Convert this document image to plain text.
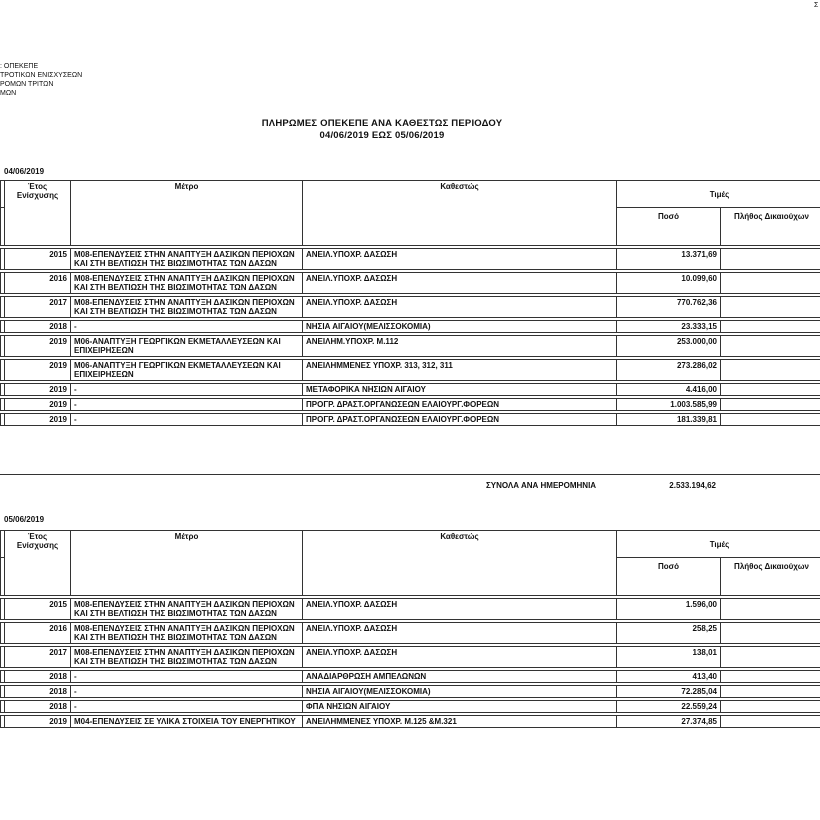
Σ
: ΟΠΕΚΕΠΕ
ΤΡΟΤΙΚΩΝ ΕΝΙΣΧΥΣΕΩΝ
ΡΟΜΩΝ ΤΡΙΤΩΝ
ΜΩΝ
ΠΛΗΡΩΜΕΣ ΟΠΕΚΕΠΕ ΑΝΑ ΚΑΘΕΣΤΩΣ ΠΕΡΙΟΔΟΥ
04/06/2019 ΕΩΣ 05/06/2019
04/06/2019
	Έτος Ενίσχυσης	Μέτρο	Καθεστώς	Τιμές	
				Ποσό	Πλήθος Δικαιούχων

	2015	Μ08-ΕΠΕΝΔΥΣΕΙΣ ΣΤΗΝ ΑΝΑΠΤΥΞΗ ΔΑΣΙΚΩΝ ΠΕΡΙΟΧΩΝ ΚΑΙ ΣΤΗ ΒΕΛΤΙΩΣΗ ΤΗΣ ΒΙΩΣΙΜΟΤΗΤΑΣ ΤΩΝ ΔΑΣΩΝ	ΑΝΕΙΛ.ΥΠΟΧΡ. ΔΑΣΩΣΗ	13.371,69	

	2016	Μ08-ΕΠΕΝΔΥΣΕΙΣ ΣΤΗΝ ΑΝΑΠΤΥΞΗ ΔΑΣΙΚΩΝ ΠΕΡΙΟΧΩΝ ΚΑΙ ΣΤΗ ΒΕΛΤΙΩΣΗ ΤΗΣ ΒΙΩΣΙΜΟΤΗΤΑΣ ΤΩΝ ΔΑΣΩΝ	ΑΝΕΙΛ.ΥΠΟΧΡ. ΔΑΣΩΣΗ	10.099,60	

	2017	Μ08-ΕΠΕΝΔΥΣΕΙΣ ΣΤΗΝ ΑΝΑΠΤΥΞΗ ΔΑΣΙΚΩΝ ΠΕΡΙΟΧΩΝ ΚΑΙ ΣΤΗ ΒΕΛΤΙΩΣΗ ΤΗΣ ΒΙΩΣΙΜΟΤΗΤΑΣ ΤΩΝ ΔΑΣΩΝ	ΑΝΕΙΛ.ΥΠΟΧΡ. ΔΑΣΩΣΗ	770.762,36	

	2018	-	ΝΗΣΙΑ ΑΙΓΑΙΟΥ(ΜΕΛΙΣΣΟΚΟΜΙΑ)	23.333,15	

	2019	Μ06-ΑΝΑΠΤΥΞΗ ΓΕΩΡΓΙΚΩΝ ΕΚΜΕΤΑΛΛΕΥΣΕΩΝ ΚΑΙ ΕΠΙΧΕΙΡΗΣΕΩΝ	ΑΝΕΙΛΗΜ.ΥΠΟΧΡ. Μ.112	253.000,00	

	2019	Μ06-ΑΝΑΠΤΥΞΗ ΓΕΩΡΓΙΚΩΝ ΕΚΜΕΤΑΛΛΕΥΣΕΩΝ ΚΑΙ ΕΠΙΧΕΙΡΗΣΕΩΝ	ΑΝΕΙΛΗΜΜΕΝΕΣ ΥΠΟΧΡ. 313, 312, 311	273.286,02	

	2019	-	ΜΕΤΑΦΟΡΙΚΑ ΝΗΣΙΩΝ ΑΙΓΑΙΟΥ	4.416,00	

	2019	-	ΠΡΟΓΡ. ΔΡΑΣΤ.ΟΡΓΑΝΩΣΕΩΝ ΕΛΑΙΟΥΡΓ.ΦΟΡΕΩΝ	1.003.585,99	

	2019	-	ΠΡΟΓΡ. ΔΡΑΣΤ.ΟΡΓΑΝΩΣΕΩΝ ΕΛΑΙΟΥΡΓ.ΦΟΡΕΩΝ	181.339,81	
ΣΥΝΟΛΑ ΑΝΑ ΗΜΕΡΟΜΗΝΙΑ	2.533.194,62
05/06/2019
	Έτος Ενίσχυσης	Μέτρο	Καθεστώς	Τιμές	
				Ποσό	Πλήθος Δικαιούχων

	2015	Μ08-ΕΠΕΝΔΥΣΕΙΣ ΣΤΗΝ ΑΝΑΠΤΥΞΗ ΔΑΣΙΚΩΝ ΠΕΡΙΟΧΩΝ ΚΑΙ ΣΤΗ ΒΕΛΤΙΩΣΗ ΤΗΣ ΒΙΩΣΙΜΟΤΗΤΑΣ ΤΩΝ ΔΑΣΩΝ	ΑΝΕΙΛ.ΥΠΟΧΡ. ΔΑΣΩΣΗ	1.596,00	

	2016	Μ08-ΕΠΕΝΔΥΣΕΙΣ ΣΤΗΝ ΑΝΑΠΤΥΞΗ ΔΑΣΙΚΩΝ ΠΕΡΙΟΧΩΝ ΚΑΙ ΣΤΗ ΒΕΛΤΙΩΣΗ ΤΗΣ ΒΙΩΣΙΜΟΤΗΤΑΣ ΤΩΝ ΔΑΣΩΝ	ΑΝΕΙΛ.ΥΠΟΧΡ. ΔΑΣΩΣΗ	258,25	

	2017	Μ08-ΕΠΕΝΔΥΣΕΙΣ ΣΤΗΝ ΑΝΑΠΤΥΞΗ ΔΑΣΙΚΩΝ ΠΕΡΙΟΧΩΝ ΚΑΙ ΣΤΗ ΒΕΛΤΙΩΣΗ ΤΗΣ ΒΙΩΣΙΜΟΤΗΤΑΣ ΤΩΝ ΔΑΣΩΝ	ΑΝΕΙΛ.ΥΠΟΧΡ. ΔΑΣΩΣΗ	138,01	

	2018	-	ΑΝΑΔΙΑΡΘΡΩΣΗ ΑΜΠΕΛΩΝΩΝ	413,40	

	2018	-	ΝΗΣΙΑ ΑΙΓΑΙΟΥ(ΜΕΛΙΣΣΟΚΟΜΙΑ)	72.285,04	

	2018	-	ΦΠΑ ΝΗΣΙΩΝ ΑΙΓΑΙΟΥ	22.559,24	

	2019	Μ04-ΕΠΕΝΔΥΣΕΙΣ ΣΕ ΥΛΙΚΑ ΣΤΟΙΧΕΙΑ ΤΟΥ ΕΝΕΡΓΗΤΙΚΟΥ	ΑΝΕΙΛΗΜΜΕΝΕΣ ΥΠΟΧΡ. Μ.125 &Μ.321	27.374,85	
